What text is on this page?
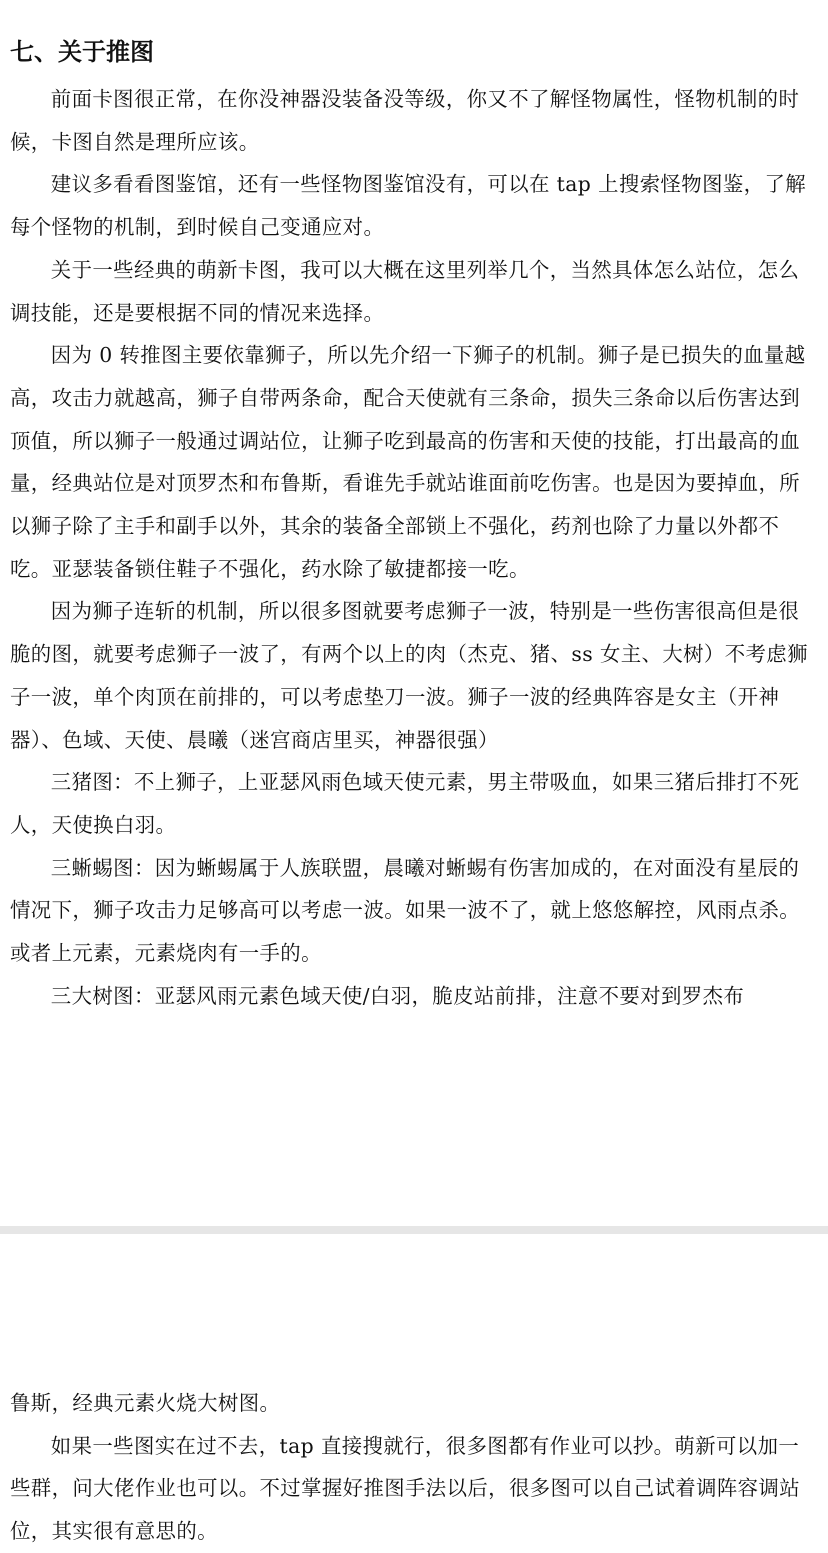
七、关于推图

前面卡图很正常，在你没神器没装备没等级，你又不了解怪物属性，怪物机制的时候，卡图自然是理所应该。

建议多看看图鉴馆，还有一些怪物图鉴馆没有，可以在 tap 上搜索怪物图鉴，了解每个怪物的机制，到时候自己变通应对。

关于一些经典的萌新卡图，我可以大概在这里列举几个，当然具体怎么站位，怎么调技能，还是要根据不同的情况来选择。

因为 0 转推图主要依靠狮子，所以先介绍一下狮子的机制。狮子是已损失的血量越高，攻击力就越高，狮子自带两条命，配合天使就有三条命，损失三条命以后伤害达到顶值，所以狮子一般通过调站位，让狮子吃到最高的伤害和天使的技能，打出最高的血量，经典站位是对顶罗杰和布鲁斯，看谁先手就站谁面前吃伤害。也是因为要掉血，所以狮子除了主手和副手以外，其余的装备全部锁上不强化，药剂也除了力量以外都不吃。亚瑟装备锁住鞋子不强化，药水除了敏捷都接一吃。

因为狮子连斩的机制，所以很多图就要考虑狮子一波，特别是一些伤害很高但是很脆的图，就要考虑狮子一波了，有两个以上的肉（杰克、猪、ss 女主、大树）不考虑狮子一波，单个肉顶在前排的，可以考虑垫刀一波。狮子一波的经典阵容是女主（开神器）、色域、天使、晨曦（迷宫商店里买，神器很强）

三猪图：不上狮子，上亚瑟风雨色域天使元素，男主带吸血，如果三猪后排打不死人，天使换白羽。

三蜥蜴图：因为蜥蜴属于人族联盟，晨曦对蜥蜴有伤害加成的，在对面没有星辰的情况下，狮子攻击力足够高可以考虑一波。如果一波不了，就上悠悠解控，风雨点杀。或者上元素，元素烧肉有一手的。

三大树图：亚瑟风雨元素色域天使/白羽，脆皮站前排，注意不要对到罗杰布

鲁斯，经典元素火烧大树图。

如果一些图实在过不去，tap 直接搜就行，很多图都有作业可以抄。萌新可以加一些群，问大佬作业也可以。不过掌握好推图手法以后，很多图可以自己试着调阵容调站位，其实很有意思的。
